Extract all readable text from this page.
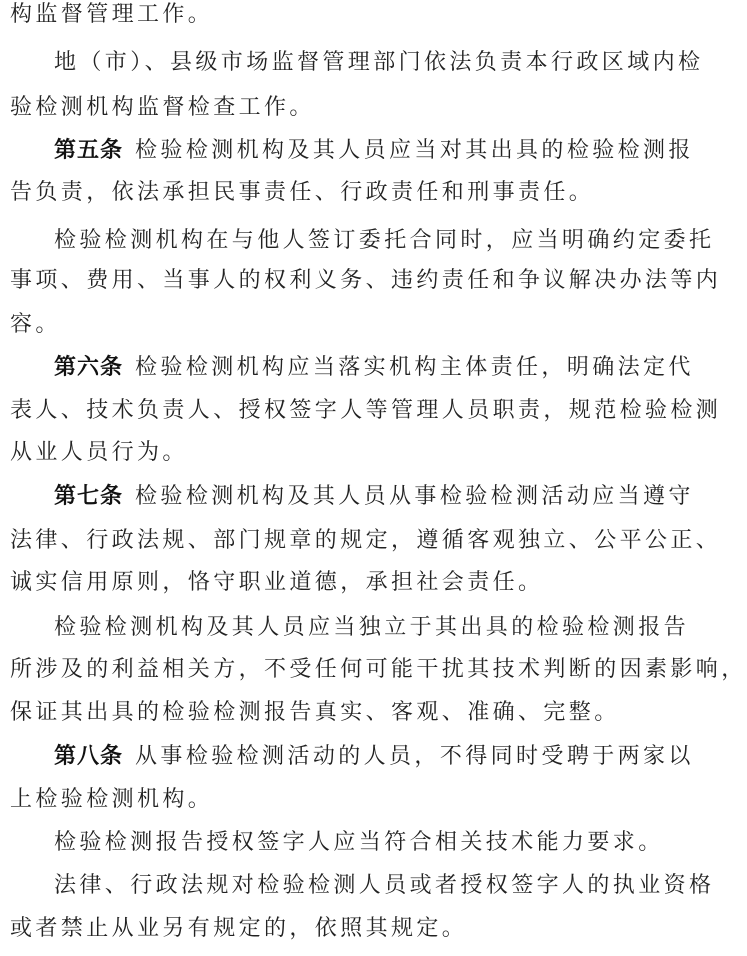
构监督管理工作。
地（市）、县级市场监督管理部门依法负责本行政区域内检
验检测机构监督检查工作。
第五条 检验检测机构及其人员应当对其出具的检验检测报
告负责，依法承担民事责任、行政责任和刑事责任。
检验检测机构在与他人签订委托合同时，应当明确约定委托
事项、费用、当事人的权利义务、违约责任和争议解决办法等内
容。
第六条 检验检测机构应当落实机构主体责任，明确法定代
表人、技术负责人、授权签字人等管理人员职责，规范检验检测
从业人员行为。
第七条 检验检测机构及其人员从事检验检测活动应当遵守
法律、行政法规、部门规章的规定，遵循客观独立、公平公正、
诚实信用原则，恪守职业道德，承担社会责任。
检验检测机构及其人员应当独立于其出具的检验检测报告
所涉及的利益相关方，不受任何可能干扰其技术判断的因素影响，
保证其出具的检验检测报告真实、客观、准确、完整。
第八条 从事检验检测活动的人员，不得同时受聘于两家以
上检验检测机构。
检验检测报告授权签字人应当符合相关技术能力要求。
法律、行政法规对检验检测人员或者授权签字人的执业资格
或者禁止从业另有规定的，依照其规定。
